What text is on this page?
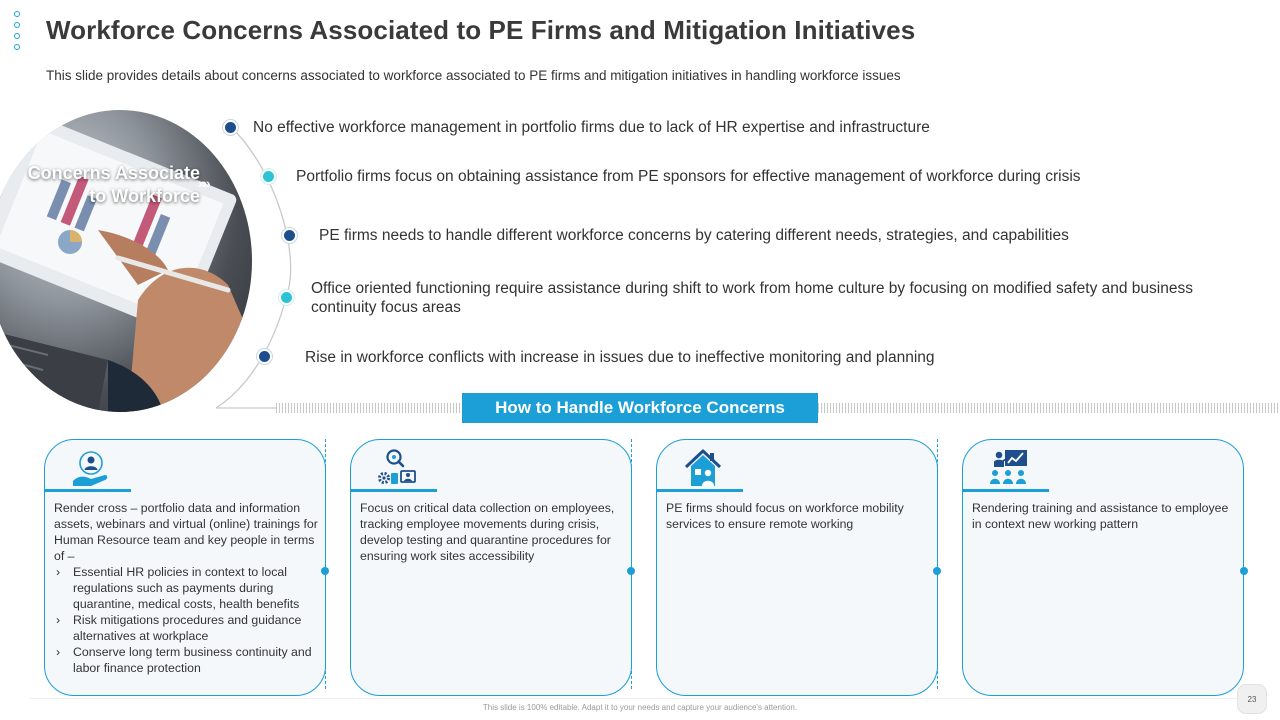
Workforce Concerns Associated to PE Firms and Mitigation Initiatives
This slide provides details about concerns associated to workforce associated to PE firms and mitigation initiatives in handling workforce issues
Concerns Associate
to Workforce
»»
No effective workforce management in portfolio firms due to lack of HR expertise and infrastructure
Portfolio firms focus on obtaining assistance from PE sponsors for effective management of workforce during crisis
PE firms needs to handle different workforce concerns by catering different needs, strategies, and capabilities
Office oriented functioning require assistance during shift to work from home culture by focusing on modified safety and business continuity focus areas
Rise in workforce conflicts with increase in issues due to ineffective monitoring and planning
How to Handle Workforce Concerns
Render cross – portfolio data and information assets, webinars and virtual (online) trainings for Human Resource team and key people in terms of –
› Essential HR policies in context to local regulations such as payments during quarantine, medical costs, health benefits
› Risk mitigations procedures and guidance alternatives at workplace
› Conserve long term business continuity and labor finance protection
Focus on critical data collection on employees, tracking employee movements during crisis, develop testing and quarantine procedures for ensuring work sites accessibility
PE firms should focus on workforce mobility services to ensure remote working
Rendering training and assistance to employee in context new working pattern
This slide is 100% editable. Adapt it to your needs and capture your audience's attention.
23
